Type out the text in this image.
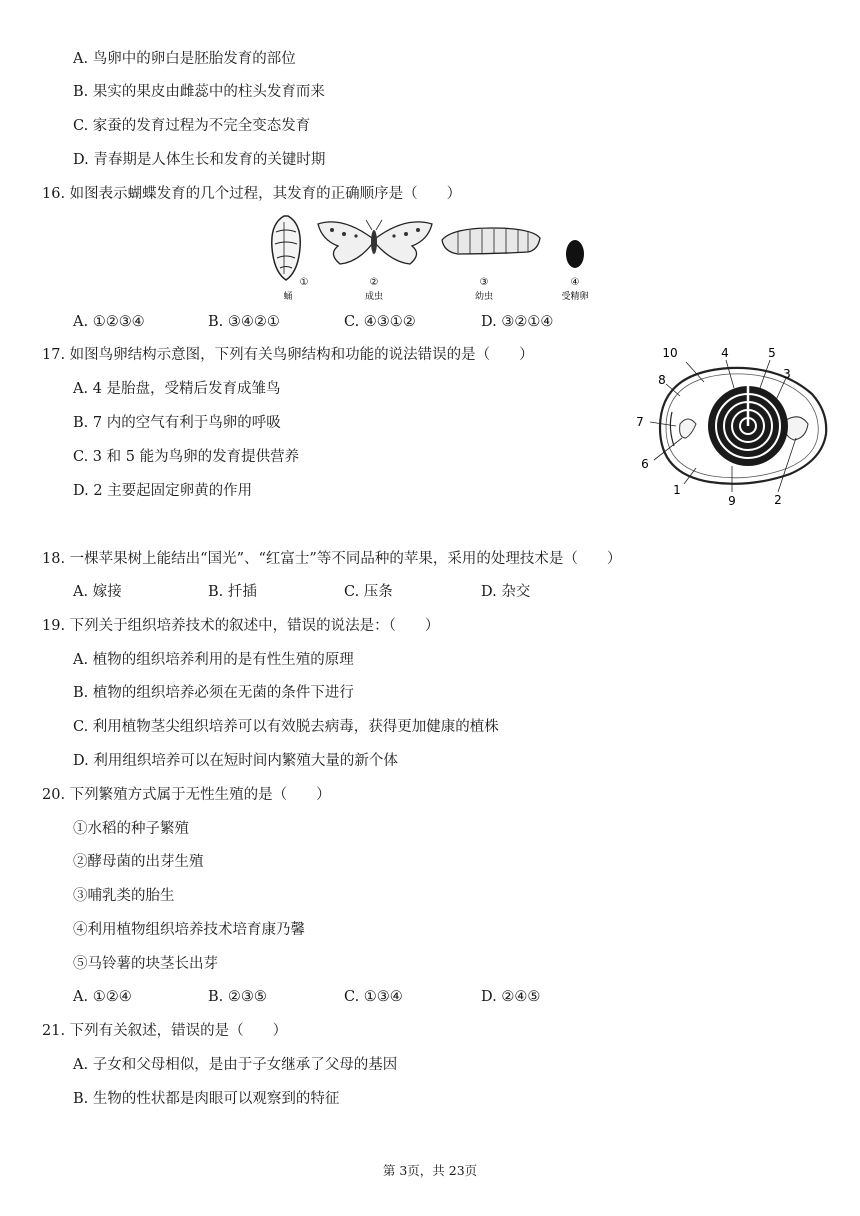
A. 鸟卵中的卵白是胚胎发育的部位
B. 果实的果皮由雌蕊中的柱头发育而来
C. 家蚕的发育过程为不完全变态发育
D. 青春期是人体生长和发育的关键时期
16. 如图表示蝴蝶发育的几个过程，其发育的正确顺序是（　　）
①
蛹
②
成虫
③
幼虫
④
受精卵
A. ①②③④	B. ③④②①	C. ④③①②	D. ③②①④
17. 如图鸟卵结构示意图，下列有关鸟卵结构和功能的说法错误的是（　　）
A. 4 是胎盘，受精后发育成雏鸟
B. 7 内的空气有利于鸟卵的呼吸
C. 3 和 5 能为鸟卵的发育提供营养
D. 2 主要起固定卵黄的作用
10	4	5
3
8
7
6
1
9	2
18. 一棵苹果树上能结出“国光”、“红富士”等不同品种的苹果，采用的处理技术是（　　）
A. 嫁接	B. 扦插	C. 压条	D. 杂交
19. 下列关于组织培养技术的叙述中，错误的说法是：（　　）
A. 植物的组织培养利用的是有性生殖的原理
B. 植物的组织培养必须在无菌的条件下进行
C. 利用植物茎尖组织培养可以有效脱去病毒，获得更加健康的植株
D. 利用组织培养可以在短时间内繁殖大量的新个体
20. 下列繁殖方式属于无性生殖的是（　　）
①水稻的种子繁殖
②酵母菌的出芽生殖
③哺乳类的胎生
④利用植物组织培养技术培育康乃馨
⑤马铃薯的块茎长出芽
A. ①②④	B. ②③⑤	C. ①③④	D. ②④⑤
21. 下列有关叙述，错误的是（　　）
A. 子女和父母相似，是由于子女继承了父母的基因
B. 生物的性状都是肉眼可以观察到的特征
第 3页，共 23页
